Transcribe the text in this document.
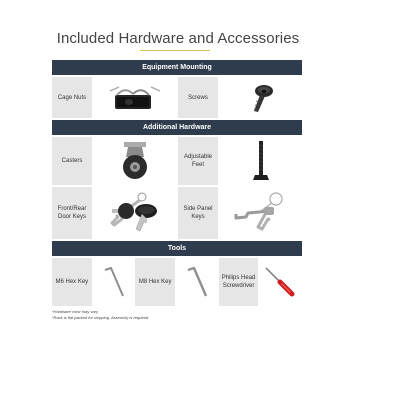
Included Hardware and Accessories
Equipment Mounting
Cage Nuts	Screws
Additional Hardware
Casters
Adjustable Feet
Front/Rear Door Keys
Side Panel Keys
Tools
M6 Hex Key	M8 Hex Key
Philips Head Screwdriver
*Hardware color may vary
*Rack is flat packed for shipping. Assembly is required.
